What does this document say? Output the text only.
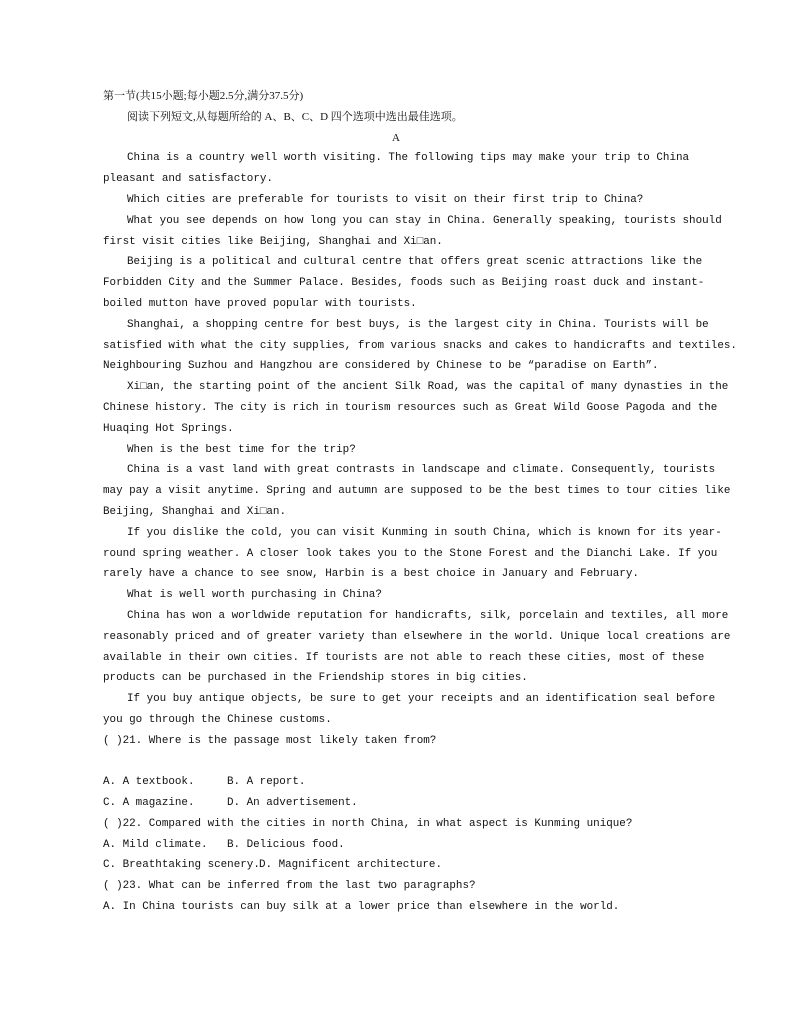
第一节(共15小题;每小题2.5分,满分37.5分)
阅读下列短文,从每题所给的 A、B、C、D 四个选项中选出最佳选项。
A
China is a country well worth visiting. The following tips may make your trip to China
pleasant and satisfactory.
Which cities are preferable for tourists to visit on their first trip to China?
What you see depends on how long you can stay in China. Generally speaking, tourists should
first visit cities like Beijing, Shanghai and Xi□an.
Beijing is a political and cultural centre that offers great scenic attractions like the
Forbidden City and the Summer Palace. Besides, foods such as Beijing roast duck and instant-
boiled mutton have proved popular with tourists.
Shanghai, a shopping centre for best buys, is the largest city in China. Tourists will be
satisfied with what the city supplies, from various snacks and cakes to handicrafts and textiles.
Neighbouring Suzhou and Hangzhou are considered by Chinese to be “paradise on Earth”.
Xi□an, the starting point of the ancient Silk Road, was the capital of many dynasties in the
Chinese history. The city is rich in tourism resources such as Great Wild Goose Pagoda and the
Huaqing Hot Springs.
When is the best time for the trip?
China is a vast land with great contrasts in landscape and climate. Consequently, tourists
may pay a visit anytime. Spring and autumn are supposed to be the best times to tour cities like
Beijing, Shanghai and Xi□an.
If you dislike the cold, you can visit Kunming in south China, which is known for its year-
round spring weather. A closer look takes you to the Stone Forest and the Dianchi Lake. If you
rarely have a chance to see snow, Harbin is a best choice in January and February.
What is well worth purchasing in China?
China has won a worldwide reputation for handicrafts, silk, porcelain and textiles, all more
reasonably priced and of greater variety than elsewhere in the world. Unique local creations are
available in their own cities. If tourists are not able to reach these cities, most of these
products can be purchased in the Friendship stores in big cities.
If you buy antique objects, be sure to get your receipts and an identification seal before
you go through the Chinese customs.
( )21. Where is the passage most likely taken from?
A. A textbook.	B. A report.
C. A magazine.	D. An advertisement.
( )22. Compared with the cities in north China, in what aspect is Kunming unique?
A. Mild climate. B. Delicious food.
C. Breathtaking scenery.D. Magnificent architecture.
( )23. What can be inferred from the last two paragraphs?
A. In China tourists can buy silk at a lower price than elsewhere in the world.
